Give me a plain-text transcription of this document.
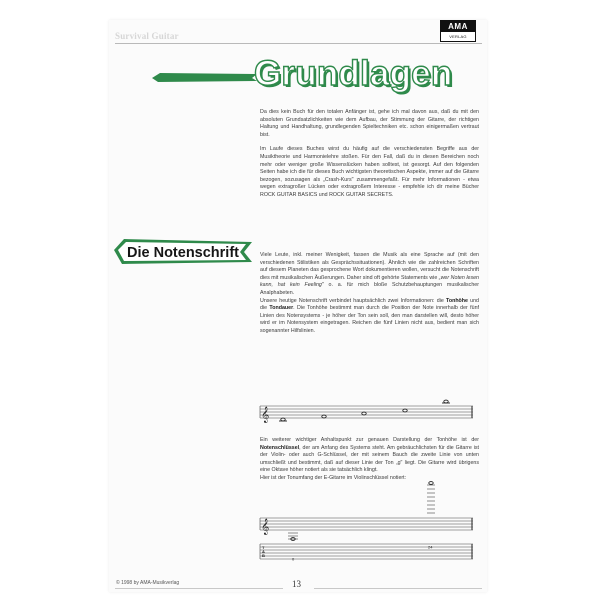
Survival Guitar
AMA
VERLAG
Grundlagen

Da dies kein Buch für den totalen Anfänger ist, gehe ich mal davon aus, daß du mit den absoluten Grundsatzlichkeiten wie dem Aufbau, der Stimmung der Gitarre, der richtigen Haltung und Handhaltung, grundlegenden Spieltechniken etc. schon einigermaßen vertraut bist.

Im Laufe dieses Buches wirst du häufig auf die verschiedensten Begriffe aus der Musiktheorie und Harmonielehre stoßen. Für den Fall, daß du in diesen Bereichen noch mehr oder weniger große Wissenslücken haben solltest, ist gesorgt. Auf den folgenden Seiten habe ich die für dieses Buch wichtigsten theoretischen Aspekte, immer auf die Gitarre bezogen, sozusagen als „Crash-Kurs" zusammengefaßt. Für mehr Informationen - etwa wegen extragroßer Lücken oder extragroßem Interesse - empfehle ich dir meine Bücher ROCK GUITAR BASICS und ROCK GUITAR SECRETS.

Die Notenschrift	Viele Leute, inkl. meiner Wenigkeit, fassen die Musik als eine Sprache auf (mit den verschiedenen Stilistiken als Gesprächssituationen). Ähnlich wie die zahlreichen Schriften auf diesem Planeten das gesprochene Wort dokumentieren wollen, versucht die Notenschrift dies mit musikalischen Äußerungen. Daher sind oft gehörte Statements wie „wer Noten lesen kann, hat kein Feeling" o. a. für mich bloße Schutzbehauptungen musikalischer Analphabeten.

Unsere heutige Notenschrift verbindet hauptsächlich zwei Informationen: die Tonhöhe und die Tondauer. Die Tonhöhe bestimmt man durch die Position der Note innerhalb der fünf Linien des Notensystems - je höher der Ton sein soll, den man darstellen will, desto höher wird er im Notensystem eingetragen. Reichen die fünf Linien nicht aus, bedient man sich sogenannter Hilfslinien.

𝄞

Ein weiterer wichtiger Anhaltspunkt zur genauen Darstellung der Tonhöhe ist der Notenschlüssel, der am Anfang des Systems steht. Am gebräuchlichsten für die Gitarre ist der Violin- oder auch G-Schlüssel, der mit seinem Bauch die zweite Linie von unten umschließt und bestimmt, daß auf dieser Linie der Ton „g" liegt. Die Gitarre wird übrigens eine Oktave höher notiert als sie tatsächlich klingt.

Hier ist der Tonumfang der E-Gitarre im Violinschlüssel notiert:

𝄞
T
A
B
0
24
© 1998 by AMA-Musikverlag	13
